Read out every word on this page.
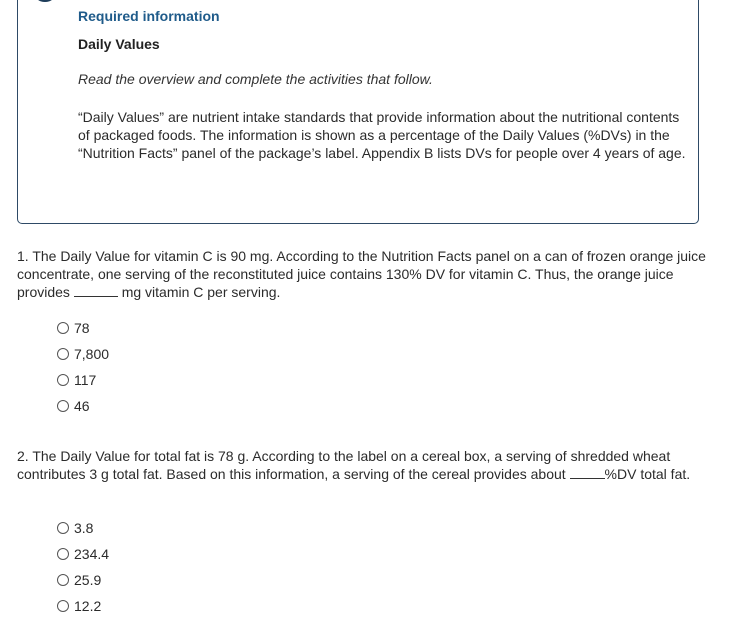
Required information
Daily Values
Read the overview and complete the activities that follow.

“Daily Values” are nutrient intake standards that provide information about the nutritional contents of packaged foods. The information is shown as a percentage of the Daily Values (%DVs) in the “Nutrition Facts” panel of the package’s label. Appendix B lists DVs for people over 4 years of age.

1. The Daily Value for vitamin C is 90 mg. According to the Nutrition Facts panel on a can of frozen orange juice concentrate, one serving of the reconstituted juice contains 130% DV for vitamin C. Thus, the orange juice provides	mg vitamin C per serving.

78
7,800
117
46

2. The Daily Value for total fat is 78 g. According to the label on a cereal box, a serving of shredded wheat contributes 3 g total fat. Based on this information, a serving of the cereal provides about	%DV total fat.

3.8
234.4
25.9
12.2
